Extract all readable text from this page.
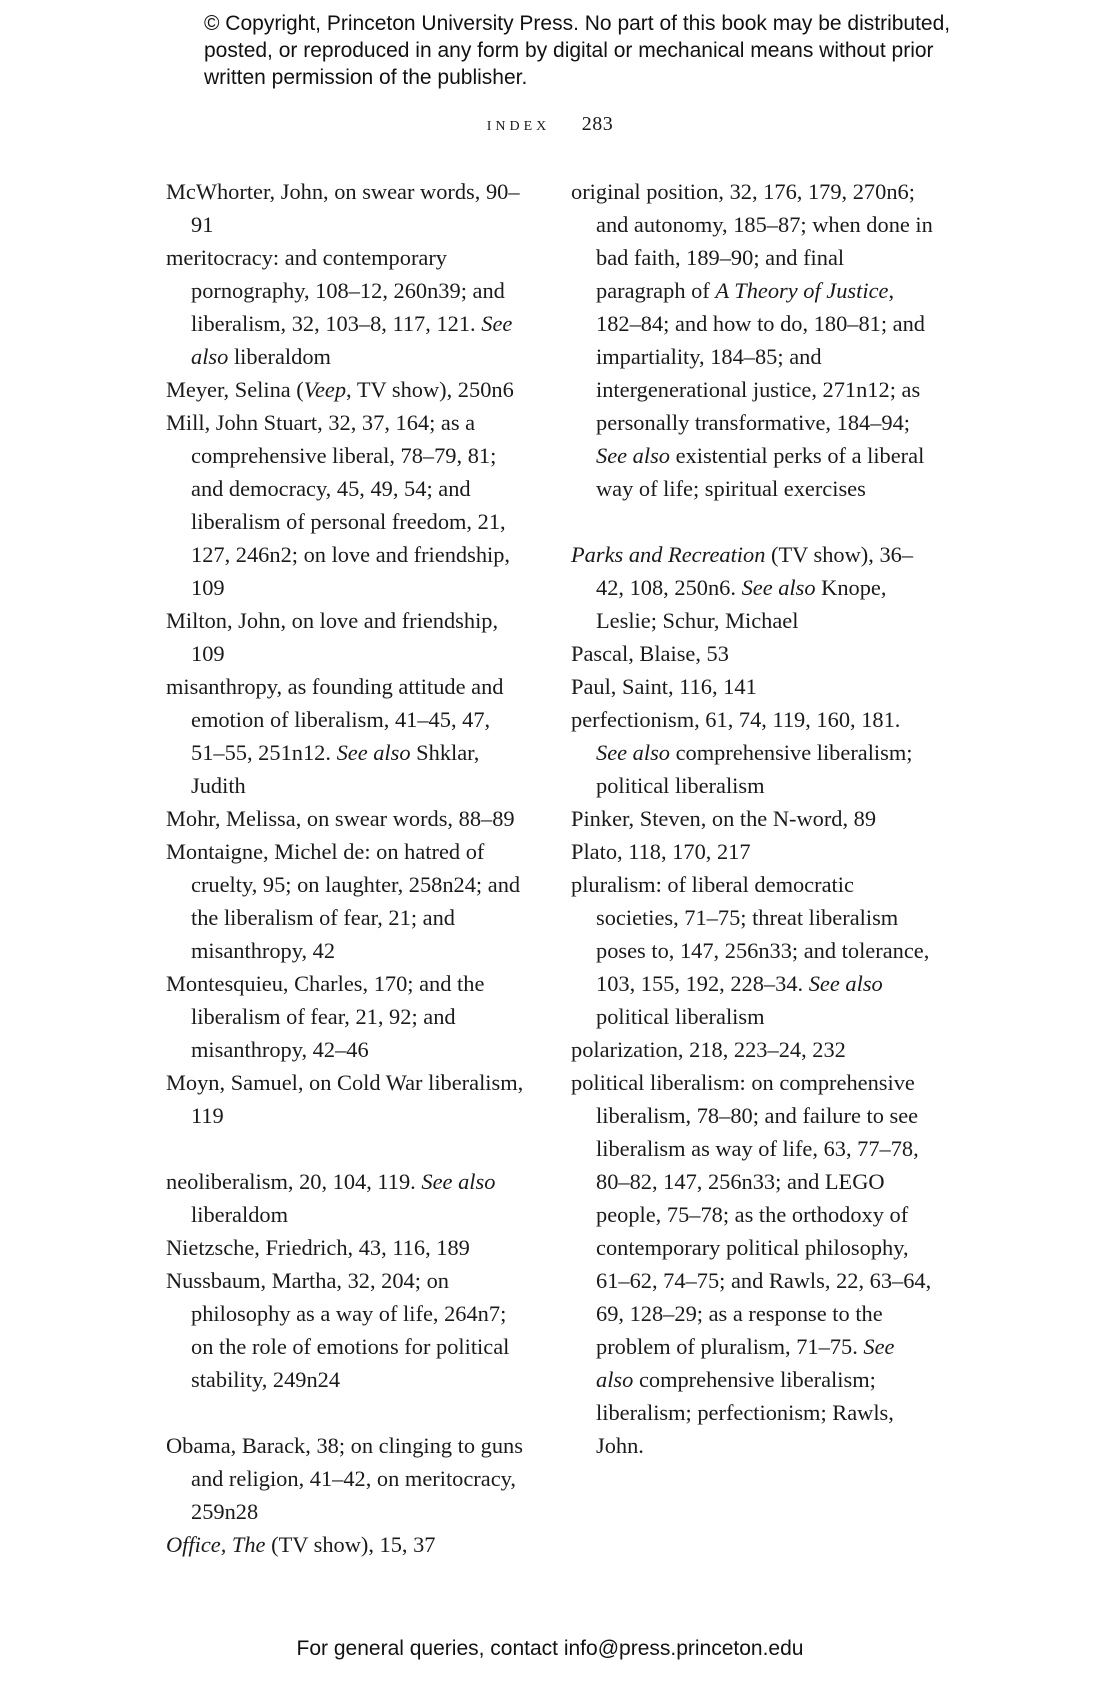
© Copyright, Princeton University Press. No part of this book may be distributed, posted, or reproduced in any form by digital or mechanical means without prior written permission of the publisher.
index 283
McWhorter, John, on swear words, 90–91
meritocracy: and contemporary pornography, 108–12, 260n39; and liberalism, 32, 103–8, 117, 121. See also liberaldom
Meyer, Selina (Veep, TV show), 250n6
Mill, John Stuart, 32, 37, 164; as a comprehensive liberal, 78–79, 81; and democracy, 45, 49, 54; and liberalism of personal freedom, 21, 127, 246n2; on love and friendship, 109
Milton, John, on love and friendship, 109
misanthropy, as founding attitude and emotion of liberalism, 41–45, 47, 51–55, 251n12. See also Shklar, Judith
Mohr, Melissa, on swear words, 88–89
Montaigne, Michel de: on hatred of cruelty, 95; on laughter, 258n24; and the liberalism of fear, 21; and misanthropy, 42
Montesquieu, Charles, 170; and the liberalism of fear, 21, 92; and misanthropy, 42–46
Moyn, Samuel, on Cold War liberalism, 119
neoliberalism, 20, 104, 119. See also liberaldom
Nietzsche, Friedrich, 43, 116, 189
Nussbaum, Martha, 32, 204; on philosophy as a way of life, 264n7; on the role of emotions for political stability, 249n24
Obama, Barack, 38; on clinging to guns and religion, 41–42, on meritocracy, 259n28
Office, The (TV show), 15, 37
original position, 32, 176, 179, 270n6; and autonomy, 185–87; when done in bad faith, 189–90; and final paragraph of A Theory of Justice, 182–84; and how to do, 180–81; and impartiality, 184–85; and intergenerational justice, 271n12; as personally transformative, 184–94; See also existential perks of a liberal way of life; spiritual exercises
Parks and Recreation (TV show), 36–42, 108, 250n6. See also Knope, Leslie; Schur, Michael
Pascal, Blaise, 53
Paul, Saint, 116, 141
perfectionism, 61, 74, 119, 160, 181. See also comprehensive liberalism; political liberalism
Pinker, Steven, on the N-word, 89
Plato, 118, 170, 217
pluralism: of liberal democratic societies, 71–75; threat liberalism poses to, 147, 256n33; and tolerance, 103, 155, 192, 228–34. See also political liberalism
polarization, 218, 223–24, 232
political liberalism: on comprehensive liberalism, 78–80; and failure to see liberalism as way of life, 63, 77–78, 80–82, 147, 256n33; and LEGO people, 75–78; as the orthodoxy of contemporary political philosophy, 61–62, 74–75; and Rawls, 22, 63–64, 69, 128–29; as a response to the problem of pluralism, 71–75. See also comprehensive liberalism; liberalism; perfectionism; Rawls, John.
For general queries, contact info@press.princeton.edu
